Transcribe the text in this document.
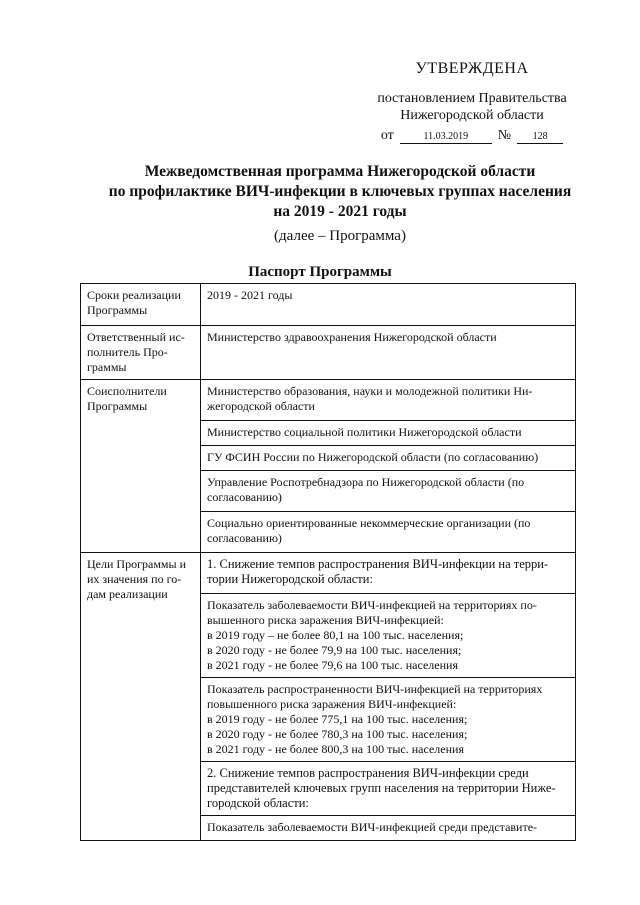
УТВЕРЖДЕНА
постановлением Правительства
Нижегородской области
от	11.03.2019	№	128
Межведомственная программа Нижегородской области
по профилактике ВИЧ-инфекции в ключевых группах населения
на 2019 - 2021 годы
(далее – Программа)
Паспорт Программы
Сроки реализации Программы	2019 - 2021 годы
Ответственный ис-полнитель Про-граммы	Министерство здравоохранения Нижегородской области
Соисполнители Программы	Министерство образования, науки и молодежной политики Ни-жегородской области
	Министерство социальной политики Нижегородской области
	ГУ ФСИН России по Нижегородской области (по согласованию)
	Управление Роспотребнадзора по Нижегородской области (по согласованию)
	Социально ориентированные некоммерческие организации (по согласованию)
Цели Программы и их значения по го-дам реализации	1. Снижение темпов распространения ВИЧ-инфекции на терри-тории Нижегородской области:

	Показатель заболеваемости ВИЧ-инфекцией на территориях по-вышенного риска заражения ВИЧ-инфекцией:
в 2019 году – не более 80,1 на 100 тыс. населения;
в 2020 году - не более 79,9 на 100 тыс. населения;
в 2021 году - не более 79,6 на 100 тыс. населения

	Показатель распространенности ВИЧ-инфекцией на территориях повышенного риска заражения ВИЧ-инфекцией:
в 2019 году - не более 775,1 на 100 тыс. населения;
в 2020 году - не более 780,3 на 100 тыс. населения;
в 2021 году - не более 800,3 на 100 тыс. населения

	2. Снижение темпов распространения ВИЧ-инфекции среди представителей ключевых групп населения на территории Ниже-городской области:
	Показатель заболеваемости ВИЧ-инфекцией среди представите-
